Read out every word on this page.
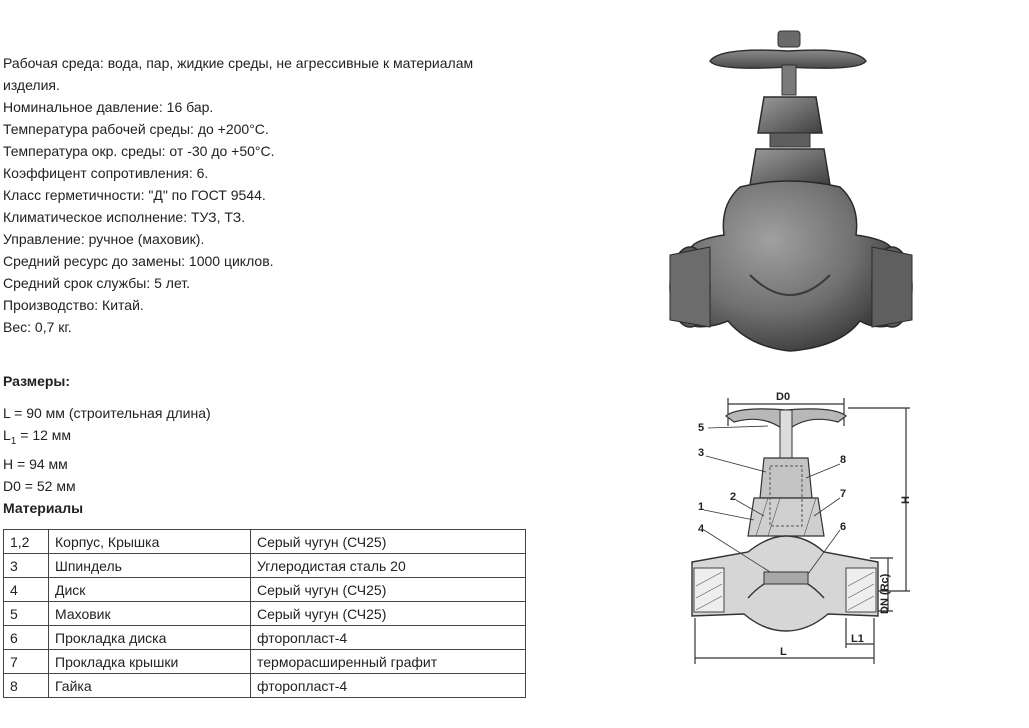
Рабочая среда: вода, пар, жидкие среды, не агрессивные к материалам

изделия.

Номинальное давление: 16 бар.

Температура рабочей среды: до +200°С.

Температура окр. среды: от -30 до +50°С.

Коэффицент сопротивления: 6.

Класс герметичности: "Д" по ГОСТ 9544.

Климатическое исполнение: ТУЗ, ТЗ.

Управление: ручное (маховик).

Средний ресурс до замены: 1000 циклов.

Средний срок службы: 5 лет.

Производство: Китай.

Вес: 0,7 кг.

Размеры:

L = 90 мм (строительная длина)

$L_1 = 12$ мм

H = 94 мм

D0 = 52 мм

Материалы
1,2	Корпус, Крышка	Серый чугун (СЧ25)
3	Шпиндель	Углеродистая сталь 20
4	Диск	Серый чугун (СЧ25)
5	Маховик	Серый чугун (СЧ25)
6	Прокладка диска	фторопласт-4
7	Прокладка крышки	терморасширенный графит
8	Гайка	фторопласт-4
D0
H
DN (Rc)
L
L1
5
3
8
1
2	7
4	6
